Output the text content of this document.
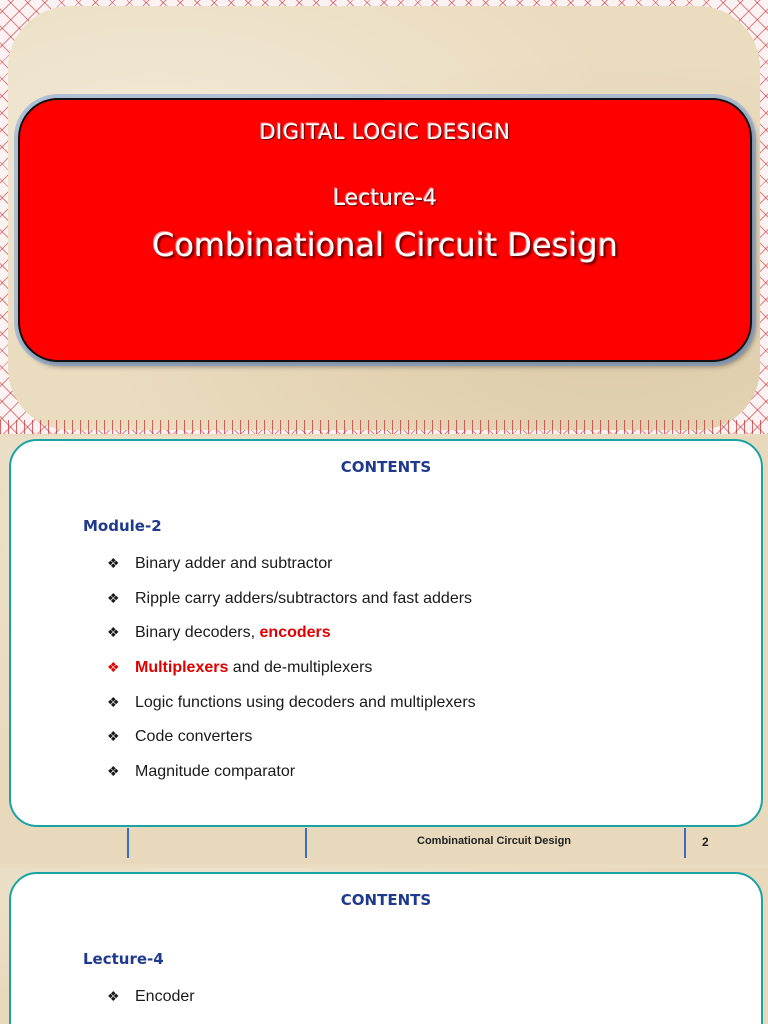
DIGITAL LOGIC DESIGN
Lecture-4
Combinational Circuit Design
CONTENTS
Module-2
❖ Binary adder and subtractor
❖ Ripple carry adders/subtractors and fast adders
❖ Binary decoders, encoders
❖ Multiplexers and de-multiplexers
❖ Logic functions using decoders and multiplexers
❖ Code converters
❖ Magnitude comparator
Combinational Circuit Design	2
CONTENTS
Lecture-4
❖ Encoder
